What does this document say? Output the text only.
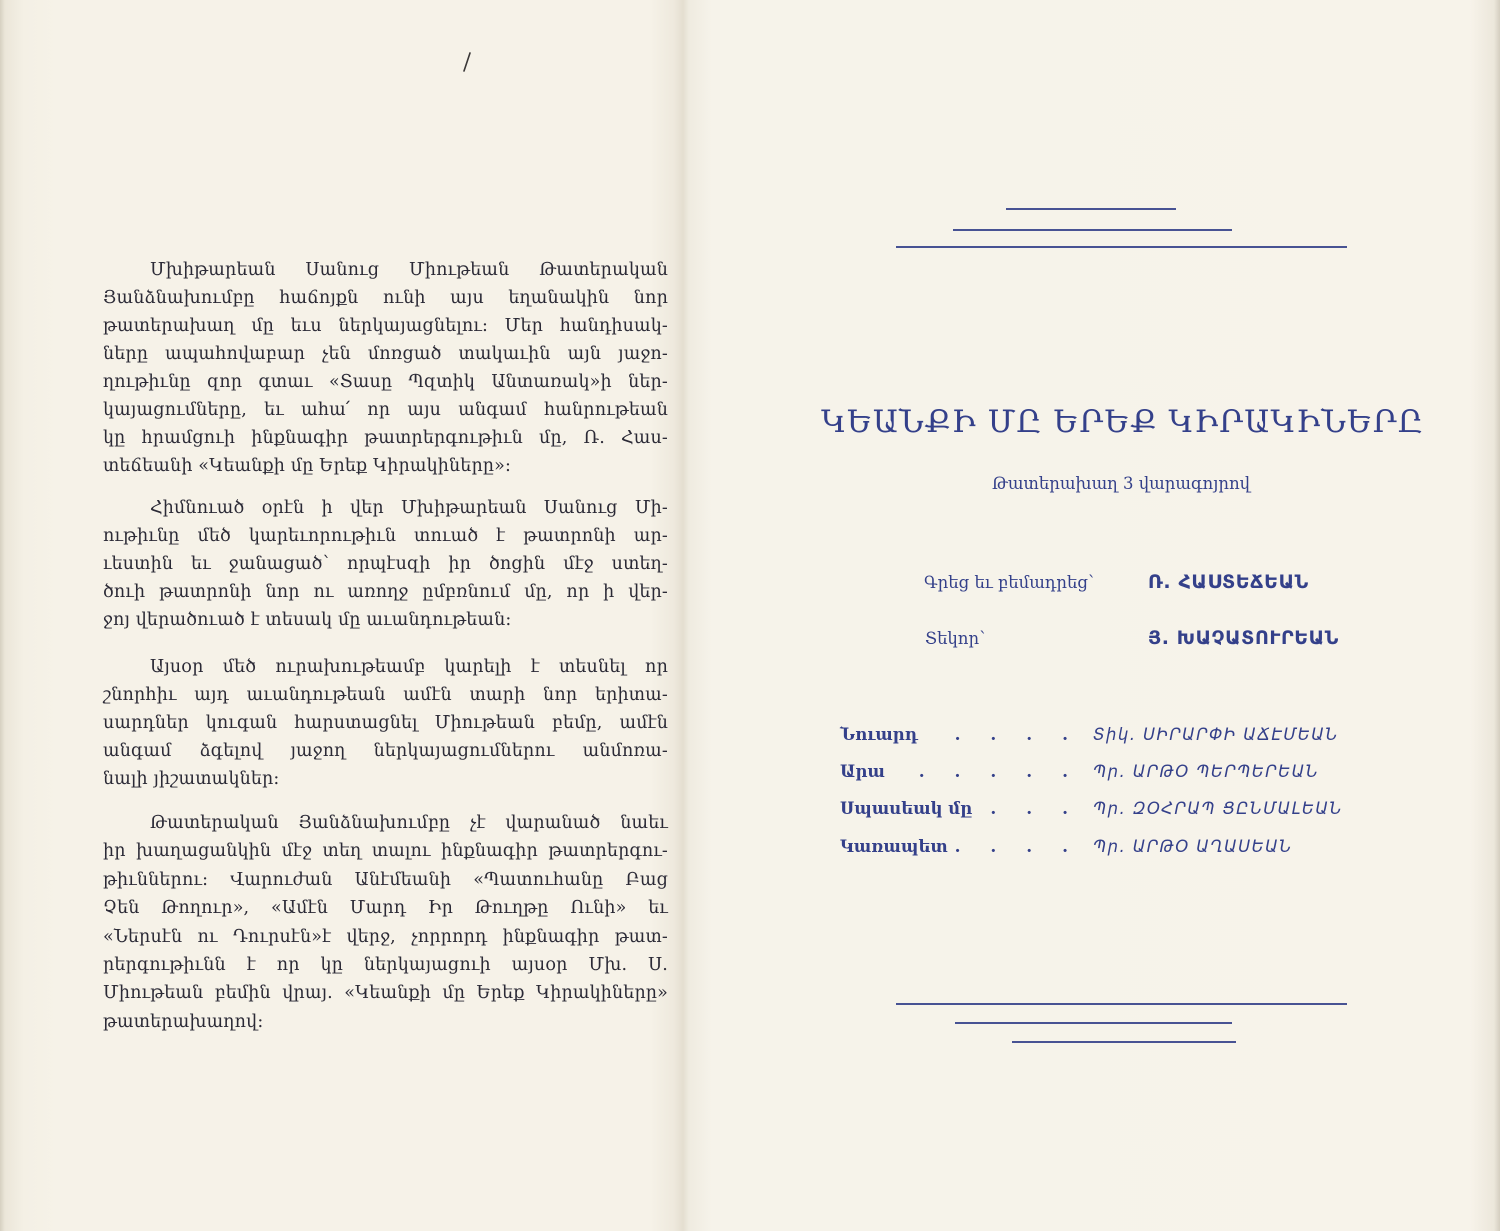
Մխիթարեան Սանուց Միութեան Թատերական
Յանձնախումբը հաճոյքն ունի այս եղանակին նոր
թատերախաղ մը եւս ներկայացնելու: Մեր հանդիսակ-
ները ապահովաբար չեն մոռցած տակաւին այն յաջո-
ղութիւնը զոր գտաւ «Տասը Պզտիկ Անտառակ»ի ներ-
կայացումները, եւ ահա՛ որ այս անգամ հանրութեան
կը հրամցուի ինքնագիր թատրերգութիւն մը, Ռ. Հաս-
տեճեանի «Կեանքի մը Երեք Կիրակիները»:
Հիմնուած օրէն ի վեր Մխիթարեան Սանուց Մի-
ութիւնը մեծ կարեւորութիւն տուած է թատրոնի ար-
ւեստին եւ ջանացած՝ որպէսզի իր ծոցին մէջ ստեղ-
ծուի թատրոնի նոր ու առողջ ըմբռնում մը, որ ի վեր-
ջոյ վերածուած է տեսակ մը աւանդութեան:
Այսօր մեծ ուրախութեամբ կարելի է տեսնել որ
շնորհիւ այդ աւանդութեան ամէն տարի նոր երիտա-
սարդներ կուգան հարստացնել Միութեան բեմը, ամէն
անգամ ձգելով յաջող ներկայացումներու անմոռա-
նալի յիշատակներ:
Թատերական Յանձնախումբը չէ վարանած նաեւ
իր խաղացանկին մէջ տեղ տալու ինքնագիր թատրերգու-
թիւններու: Վարուժան Անէմեանի «Պատուհանը Բաց
Չեն Թողուր», «Ամէն Մարդ Իր Թուղթը Ունի» եւ
«Ներսէն ու Դուրսէն»է վերջ, չորրորդ ինքնագիր թատ-
րերգութիւնն է որ կը ներկայացուի այսօր Մխ. Ս.
Միութեան բեմին վրայ. «Կեանքի մը Երեք Կիրակիները»
թատերախաղով:
ԿԵԱՆՔԻ ՄԸ ԵՐԵՔ ԿԻՐԱԿԻՆԵՐԸ
Թատերախաղ 3 վարագոյրով
Գրեց եւ բեմադրեց՝	Ռ. ՀԱՍՏԵՃԵԱՆ
Տեկոր՝	Յ. ԽԱՉԱՏՈՒՐԵԱՆ
Նուարդ	. . . . Տիկ. ՍԻՐԱՐՓԻ ԱՃԷՄԵԱՆ
Արա	. . . . . Պր. ԱՐԹՕ ՊԵՐՊԵՐԵԱՆ
Սպասեակ մը	. . . Պր. ԶՕՀՐԱՊ ՑԸՆՄԱԼԵԱՆ
Կառապետ . . . . Պր. ԱՐԹՕ ԱՂԱՍԵԱՆ
